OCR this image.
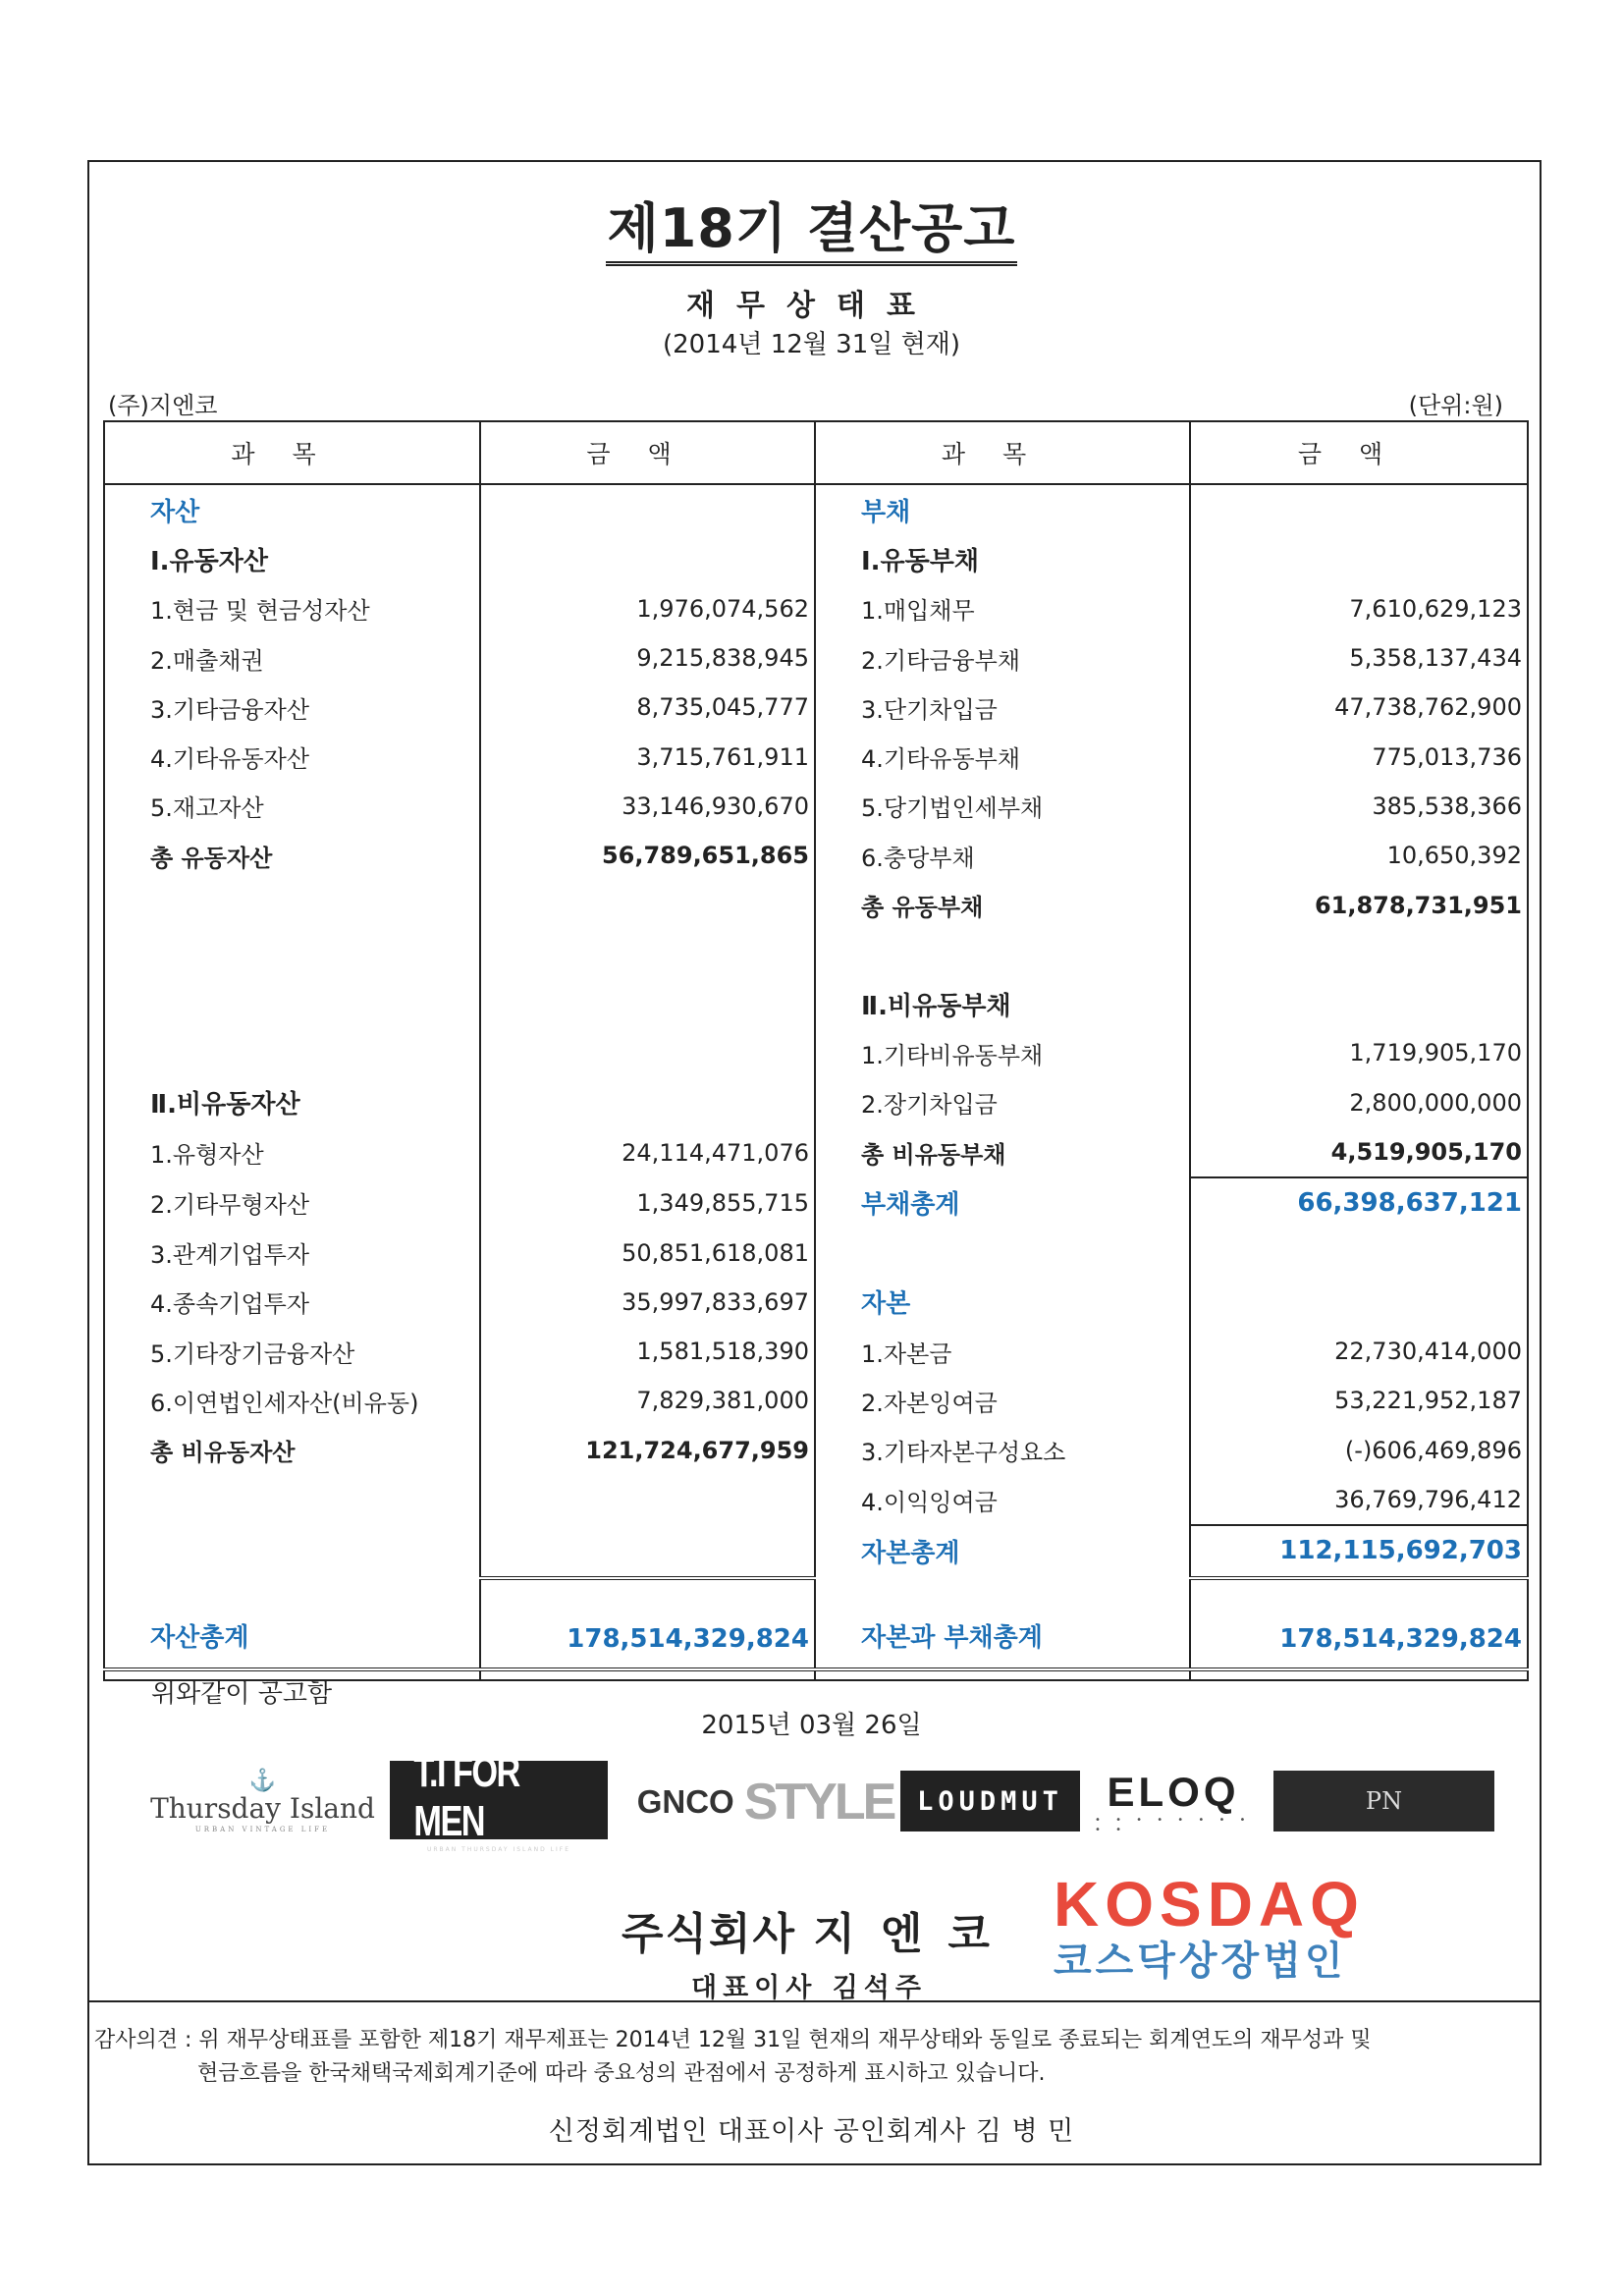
제18기 결산공고
재무상태표
(2014년 12월 31일 현재)
(주)지엔코	(단위:원)
과목	금액	과목	금액
자산		부채	
Ⅰ.유동자산		Ⅰ.유동부채	
1.현금 및 현금성자산	1,976,074,562	1.매입채무	7,610,629,123
2.매출채권	9,215,838,945	2.기타금융부채	5,358,137,434
3.기타금융자산	8,735,045,777	3.단기차입금	47,738,762,900
4.기타유동자산	3,715,761,911	4.기타유동부채	775,013,736
5.재고자산	33,146,930,670	5.당기법인세부채	385,538,366
총 유동자산	56,789,651,865	6.충당부채	10,650,392
		총 유동부채	61,878,731,951

		Ⅱ.비유동부채	
		1.기타비유동부채	1,719,905,170
Ⅱ.비유동자산		2.장기차입금	2,800,000,000
1.유형자산	24,114,471,076	총 비유동부채	4,519,905,170
2.기타무형자산	1,349,855,715	부채총계	66,398,637,121
3.관계기업투자	50,851,618,081		
4.종속기업투자	35,997,833,697	자본	
5.기타장기금융자산	1,581,518,390	1.자본금	22,730,414,000
6.이연법인세자산(비유동)	7,829,381,000	2.자본잉여금	53,221,952,187
총 비유동자산	121,724,677,959	3.기타자본구성요소	(-)606,469,896
		4.이익잉여금	36,769,796,412
		자본총계	112,115,692,703
자산총계	178,514,329,824	자본과 부채총계	178,514,329,824

위와같이 공고함
2015년 03월 26일
⚓
Thursday Island
URBAN VINTAGE LIFE
T.I FOR MEN
URBAN THURSDAY ISLAND LIFE
GNCO STYLE LOUDMUT	ELOQ
• • • • • • • • • •
PN
주식회사 지엔코
대표이사 김석주
KOSDAQ
코스닥상장법인
감사의견 : 위 재무상태표를 포함한 제18기 재무제표는 2014년 12월 31일 현재의 재무상태와 동일로 종료되는 회계연도의 재무성과 및
현금흐름을 한국채택국제회계기준에 따라 중요성의 관점에서 공정하게 표시하고 있습니다.
신정회계법인 대표이사 공인회계사 김 병 민
